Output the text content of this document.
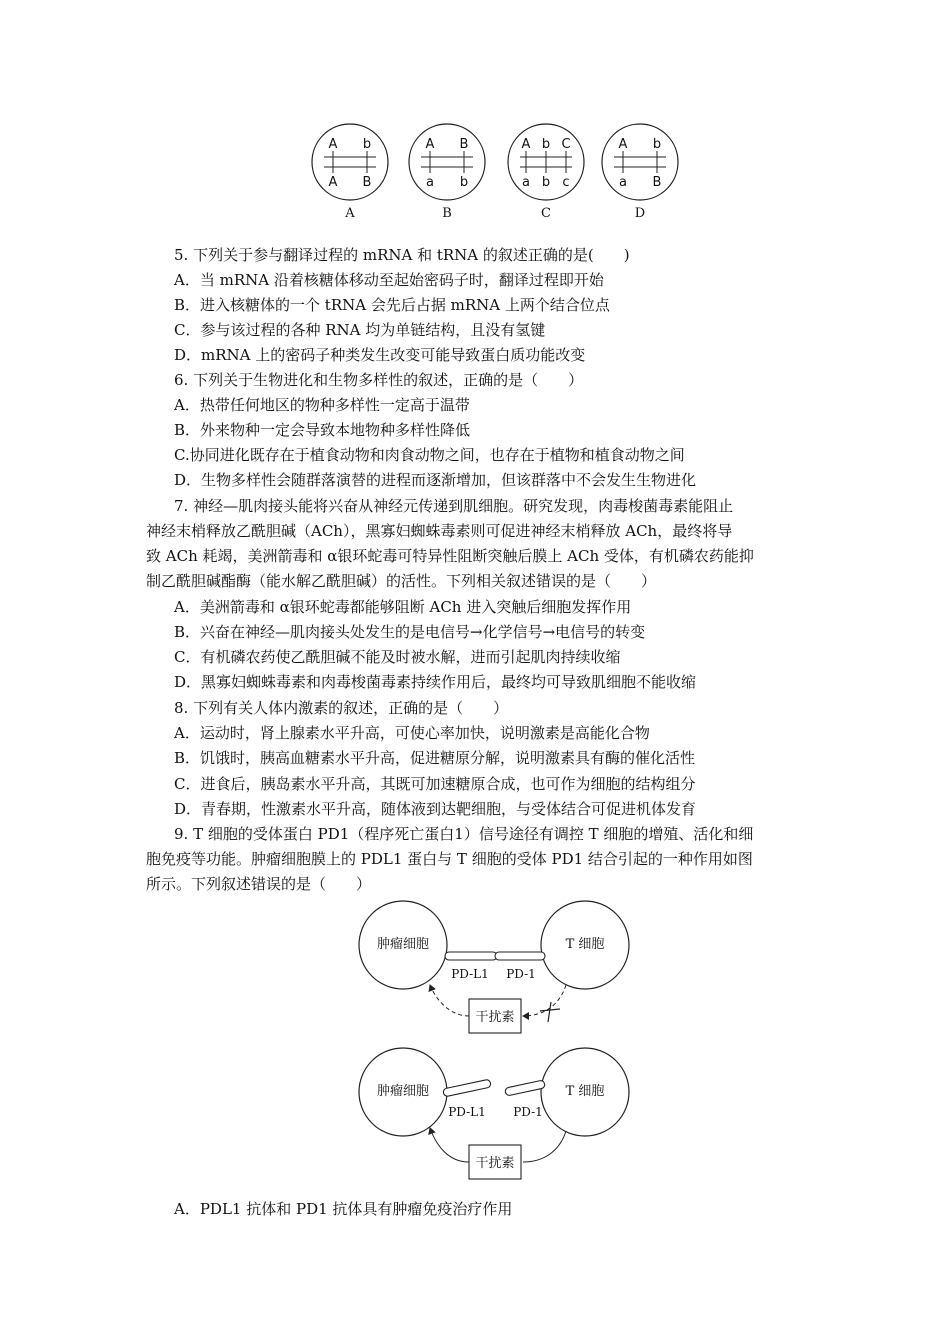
A
A
b
B
A
A
a
B
b
B
A
a
b
b
C
c
C
A
a
b
B
D
5. 下列关于参与翻译过程的 mRNA 和 tRNA 的叙述正确的是(　　)
A．当 mRNA 沿着核糖体移动至起始密码子时，翻译过程即开始
B．进入核糖体的一个 tRNA 会先后占据 mRNA 上两个结合位点
C．参与该过程的各种 RNA 均为单链结构，且没有氢键
D．mRNA 上的密码子种类发生改变可能导致蛋白质功能改变
6. 下列关于生物进化和生物多样性的叙述，正确的是（　　）
A．热带任何地区的物种多样性一定高于温带
B．外来物种一定会导致本地物种多样性降低
C.协同进化既存在于植食动物和肉食动物之间，也存在于植物和植食动物之间
D．生物多样性会随群落演替的进程而逐渐增加，但该群落中不会发生生物进化
7. 神经—肌肉接头能将兴奋从神经元传递到肌细胞。研究发现，肉毒梭菌毒素能阻止
神经末梢释放乙酰胆碱（ACh），黑寡妇蜘蛛毒素则可促进神经末梢释放 ACh，最终将导
致 ACh 耗竭，美洲箭毒和 α银环蛇毒可特异性阻断突触后膜上 ACh 受体，有机磷农药能抑
制乙酰胆碱酯酶（能水解乙酰胆碱）的活性。下列相关叙述错误的是（　　）
A．美洲箭毒和 α银环蛇毒都能够阻断 ACh 进入突触后细胞发挥作用
B．兴奋在神经—肌肉接头处发生的是电信号→化学信号→电信号的转变
C．有机磷农药使乙酰胆碱不能及时被水解，进而引起肌肉持续收缩
D．黑寡妇蜘蛛毒素和肉毒梭菌毒素持续作用后，最终均可导致肌细胞不能收缩
8. 下列有关人体内激素的叙述，正确的是（　　）
A．运动时，肾上腺素水平升高，可使心率加快，说明激素是高能化合物
B．饥饿时，胰高血糖素水平升高，促进糖原分解，说明激素具有酶的催化活性
C．进食后，胰岛素水平升高，其既可加速糖原合成，也可作为细胞的结构组分
D．青春期，性激素水平升高，随体液到达靶细胞，与受体结合可促进机体发育
9. T 细胞的受体蛋白 PD1（程序死亡蛋白1）信号途径有调控 T 细胞的增殖、活化和细
胞免疫等功能。肿瘤细胞膜上的 PDL1 蛋白与 T 细胞的受体 PD1 结合引起的一种作用如图
所示。下列叙述错误的是（　　）
肿瘤细胞	T 细胞
PD-L1 PD-1
干扰素
肿瘤细胞	T 细胞
PD-L1 PD-1
干扰素
A．PDL1 抗体和 PD1 抗体具有肿瘤免疫治疗作用
